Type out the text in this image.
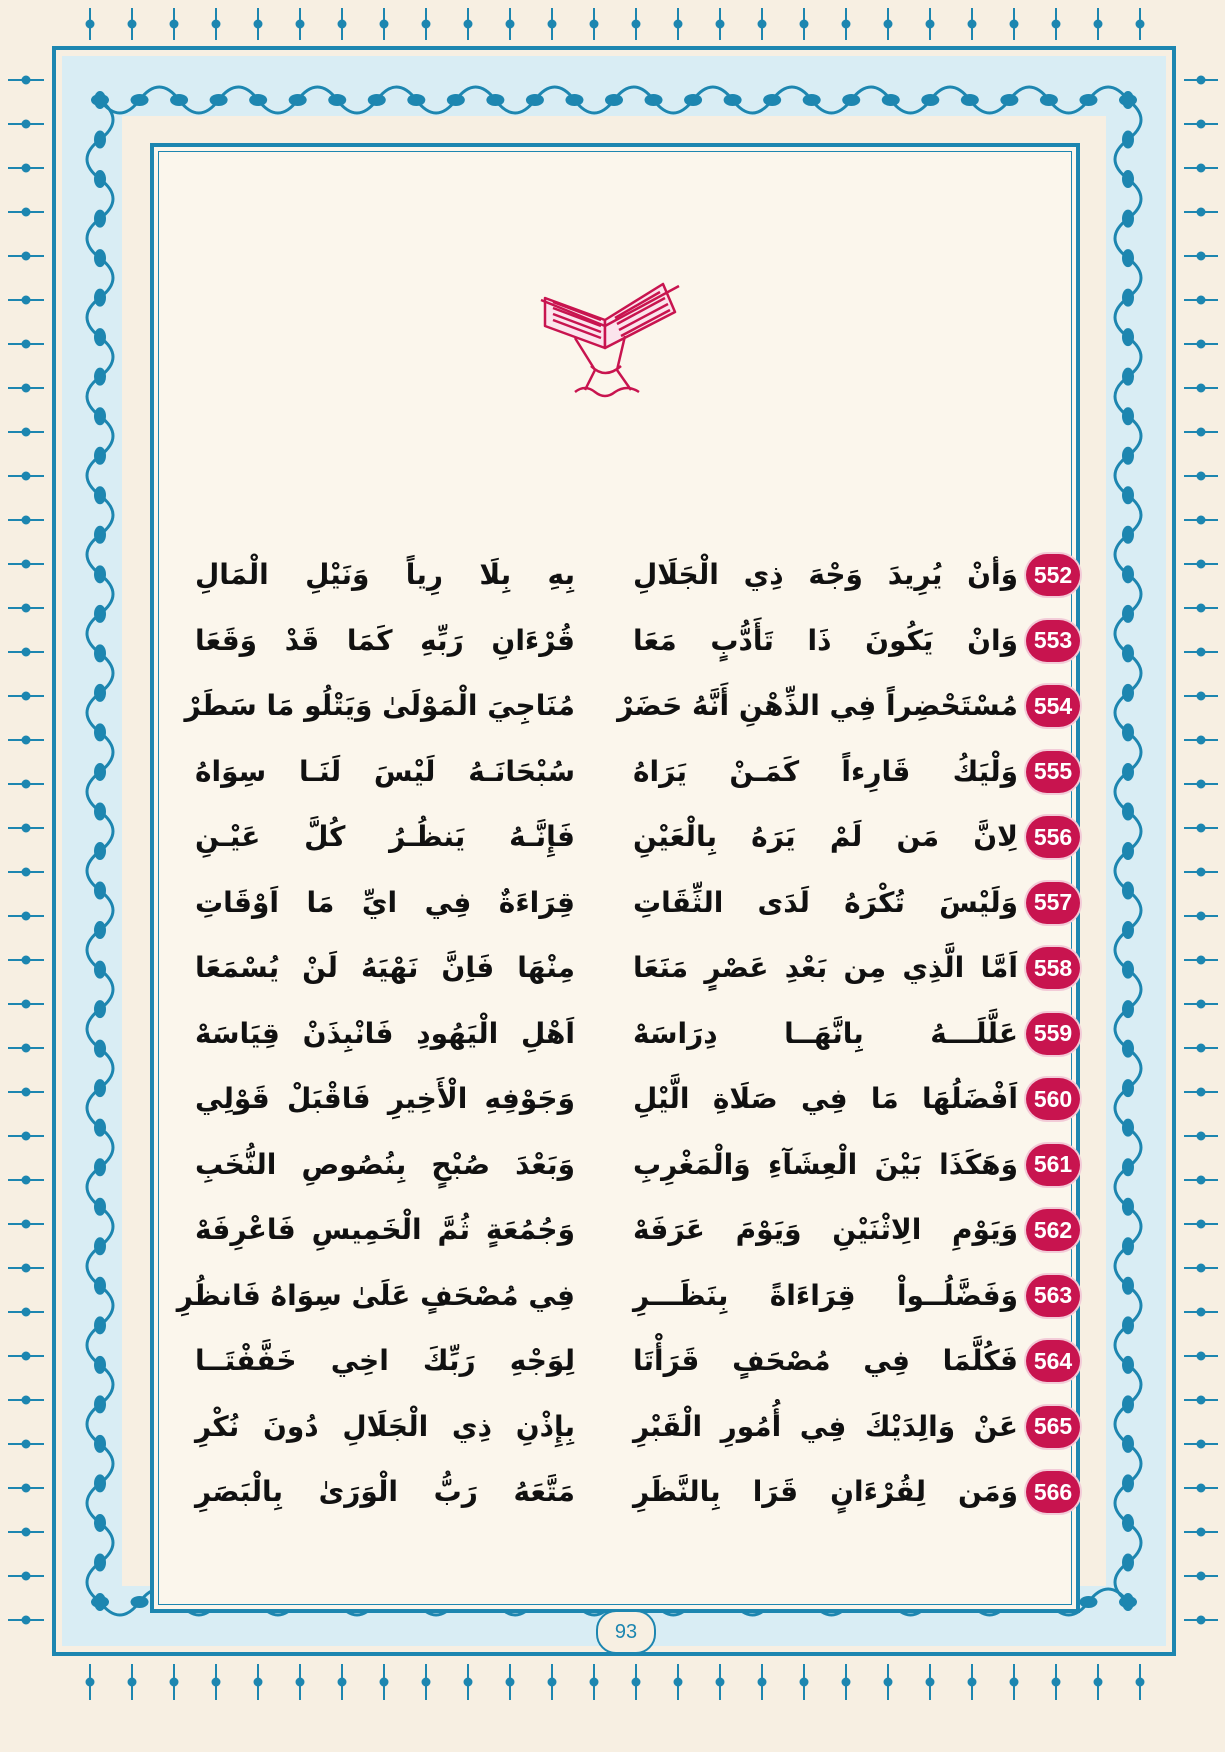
552
وَأنْ يُرِيدَ وَجْهَ ذِي الْجَلَالِ
بِهِ بِلَا رِياً وَنَيْلِ الْمَالِ
553
وَانْ يَكُونَ ذَا تَأَدُّبٍ مَعَا
قُرْءَانِ رَبِّهِ كَمَا قَدْ وَقَعَا
554
مُسْتَحْضِراً فِي الذِّهْنِ أَنَّهُ حَضَرْ
مُنَاجِيَ الْمَوْلَىٰ وَيَتْلُو مَا سَطَرْ
555
وَلْيَكُ قَارِءاً كَمَـنْ يَرَاهُ
سُبْحَانَـهُ لَيْسَ لَنَـا سِوَاهُ
556
لِانَّ مَن لَمْ يَرَهُ بِالْعَيْنِ
فَإِنَّـهُ يَنظُـرُ كُلَّ عَيْـنِ
557
وَلَيْسَ تُكْرَهُ لَدَى الثِّقَاتِ
قِرَاءَةٌ فِي ايِّ مَا اَوْقَاتِ
558
اَمَّا الَّذِي مِن بَعْدِ عَصْرٍ مَنَعَا
مِنْهَا فَاِنَّ نَهْيَهُ لَنْ يُسْمَعَا
559
عَلَّلَـــهُ بِانَّهَــا دِرَاسَهْ
اَهْلِ الْيَهُودِ فَانْبِذَنْ قِيَاسَهْ
560
اَفْضَلُهَا مَا فِي صَلَاةِ الَّيْلِ
وَجَوْفِهِ الْأَخِيرِ فَاقْبَلْ قَوْلِي
561
وَهَكَذَا بَيْنَ الْعِشَآءِ وَالْمَغْرِبِ
وَبَعْدَ صُبْحٍ بِنُصُوصِ النُّخَبِ
562
وَيَوْمِ الِاثْنَيْنِ وَيَوْمَ عَرَفَهْ
وَجُمُعَةٍ ثُمَّ الْخَمِيسِ فَاعْرِفَهْ
563
وَفَضَّلُــواْ قِرَاءَاةً بِنَظَـــرِ
فِي مُصْحَفٍ عَلَىٰ سِوَاهُ فَانظُرِ
564
فَكُلَّمَا فِي مُصْحَفٍ قَرَأْتَا
لِوَجْهِ رَبِّكَ اخِي خَفَّفْتَــا
565
عَنْ وَالِدَيْكَ فِي أُمُورِ الْقَبْرِ
بِإِذْنِ ذِي الْجَلَالِ دُونَ نُكْرِ
566
وَمَن لِقُرْءَانٍ قَرَا بِالنَّظَرِ
مَتَّعَهُ رَبُّ الْوَرَىٰ بِالْبَصَرِ
93
